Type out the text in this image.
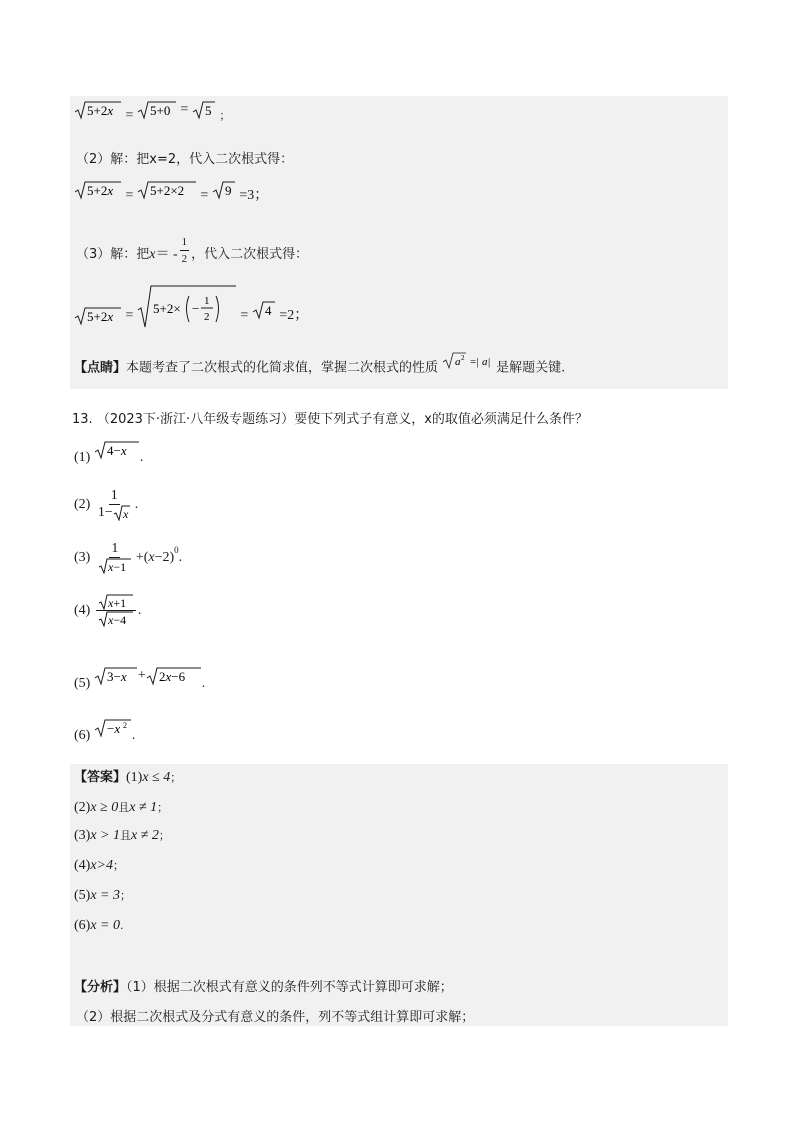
5+2x = 5+0 = 5 $_;$
（2）解：把x=2，代入二次根式得：
5+2x = 5+2×2 = 9 =3；
（3）解：把$x= - \frac{1}{2}$ ，代入二次根式得：
5+2x = 5+2× − 1
2 = 4 =2；
【点睛】本题考查了二次根式的化简求值，掌握二次根式的性质 a 2 =| a | 是解题关键.
13. （2023下·浙江·八年级专题练习）要使下列式子有意义，x的取值必须满足什么条件？
(1) 4−x .
$(2) \frac{1}{1- x}$ .
$(3) \frac{1}{x-1} +(x-2)^0$.
$(4) \frac{x+1}{x-4}$ .
(5) 3−x + 2x−6 .
(6) −x 2
.
【答案】(1)x ≤ 4；
(2)x ≥ 0且x ≠ 1；
(3)x > 1且x ≠ 2；
(4)x>4；
(5)x = 3；
(6)x = 0.
【分析】（1）根据二次根式有意义的条件列不等式计算即可求解；
（2）根据二次根式及分式有意义的条件，列不等式组计算即可求解；
